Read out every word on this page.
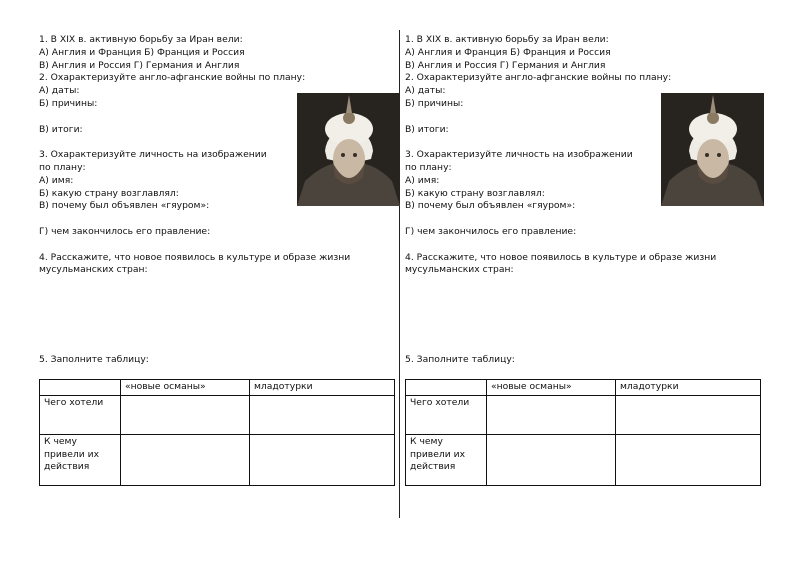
1. В XIX в. активную борьбу за Иран вели:
А) Англия и Франция Б) Франция и Россия
В) Англия и Россия Г) Германия и Англия
2. Охарактеризуйте англо-афганские войны по плану:
А) даты:
Б) причины:
В) итоги:
3. Охарактеризуйте личность на изображении по плану:
А) имя:
Б) какую страну возглавлял:
В) почему был объявлен «гяуром»:
Г) чем закончилось его правление:
4. Расскажите, что новое появилось в культуре и образе жизни мусульманских стран:
5. Заполните таблицу:
	«новые османы»	младотурки
Чего хотели		
К чему привели их действия		
1. В XIX в. активную борьбу за Иран вели:
А) Англия и Франция Б) Франция и Россия
В) Англия и Россия Г) Германия и Англия
2. Охарактеризуйте англо-афганские войны по плану:
А) даты:
Б) причины:
В) итоги:
3. Охарактеризуйте личность на изображении по плану:
А) имя:
Б) какую страну возглавлял:
В) почему был объявлен «гяуром»:
Г) чем закончилось его правление:
4. Расскажите, что новое появилось в культуре и образе жизни мусульманских стран:
5. Заполните таблицу:
	«новые османы»	младотурки
Чего хотели		
К чему привели их действия		
